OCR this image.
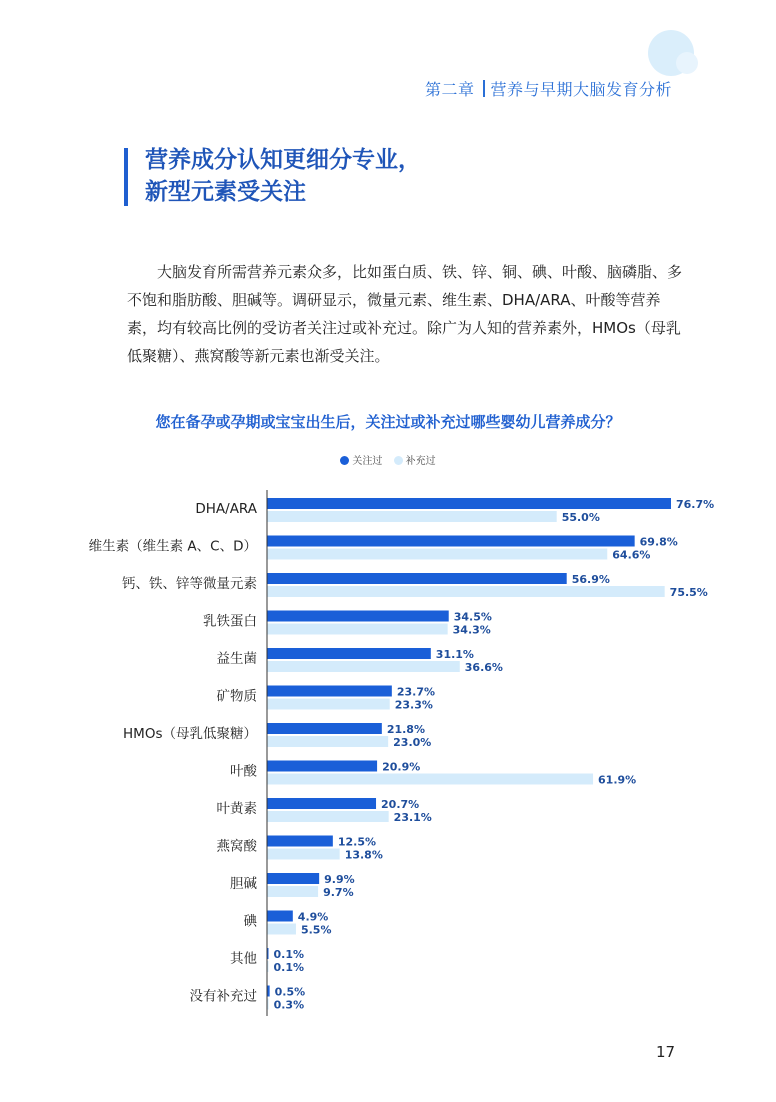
第二章 营养与早期大脑发育分析
营养成分认知更细分专业，
新型元素受关注

大脑发育所需营养元素众多，比如蛋白质、铁、锌、铜、碘、叶酸、脑磷脂、多不饱和脂肪酸、胆碱等。调研显示，微量元素、维生素、DHA/ARA、叶酸等营养素，均有较高比例的受访者关注过或补充过。除广为人知的营养素外，HMOs（母乳低聚糖）、燕窝酸等新元素也渐受关注。

您在备孕或孕期或宝宝出生后，关注过或补充过哪些婴幼儿营养成分？
关注过 补充过
DHA/ARA	76.7%
55.0%
维生素（维生素 A、C、D）	69.8%
64.6%
钙、铁、锌等微量元素	56.9%
75.5%
乳铁蛋白	34.5%
34.3%
益生菌	31.1%
36.6%
矿物质	23.7%
23.3%
HMOs（母乳低聚糖）	21.8%
23.0%
叶酸	20.9%
61.9%
叶黄素	20.7%
23.1%
燕窝酸	12.5%
13.8%
胆碱	9.9%
9.7%
碘	4.9%
5.5%
其他 0.1%
0.1%
没有补充过 0.5%
0.3%
17
